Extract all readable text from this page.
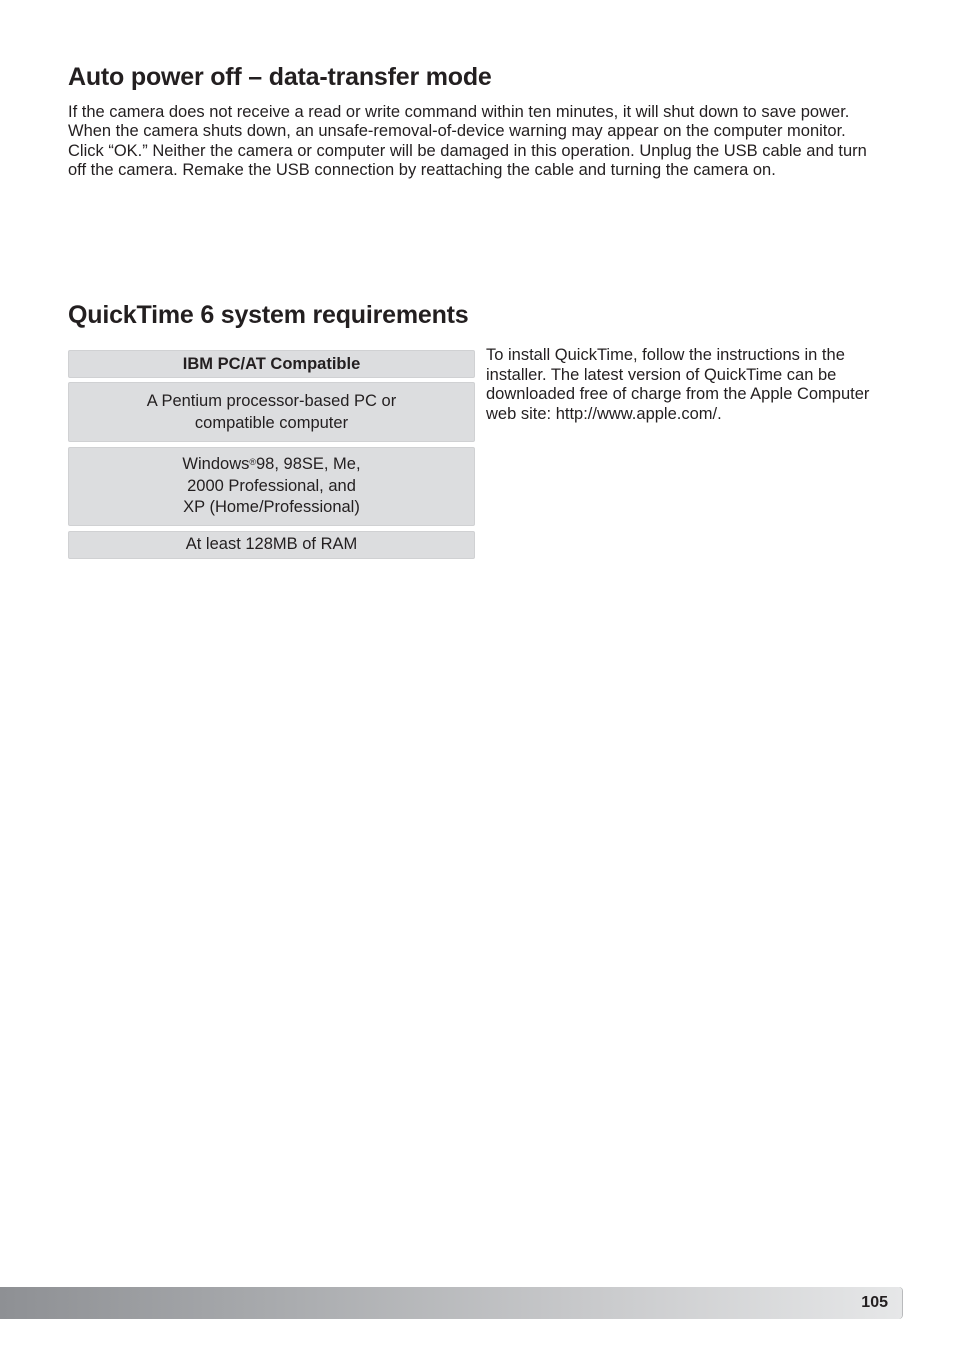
Auto power off – data-transfer mode

If the camera does not receive a read or write command within ten minutes, it will shut down to save power. When the camera shuts down, an unsafe-removal-of-device warning may appear on the computer monitor. Click “OK.” Neither the camera or computer will be damaged in this operation. Unplug the USB cable and turn off the camera. Remake the USB connection by reattaching the cable and turning the camera on.

QuickTime 6 system requirements
IBM PC/AT Compatible
A Pentium processor-based PC or
compatible computer
Windows®98, 98SE, Me,
2000 Professional, and
XP (Home/Professional)
At least 128MB of RAM

To install QuickTime, follow the instructions in the installer. The latest version of QuickTime can be downloaded free of charge from the Apple Computer web site: http://www.apple.com/.

105
